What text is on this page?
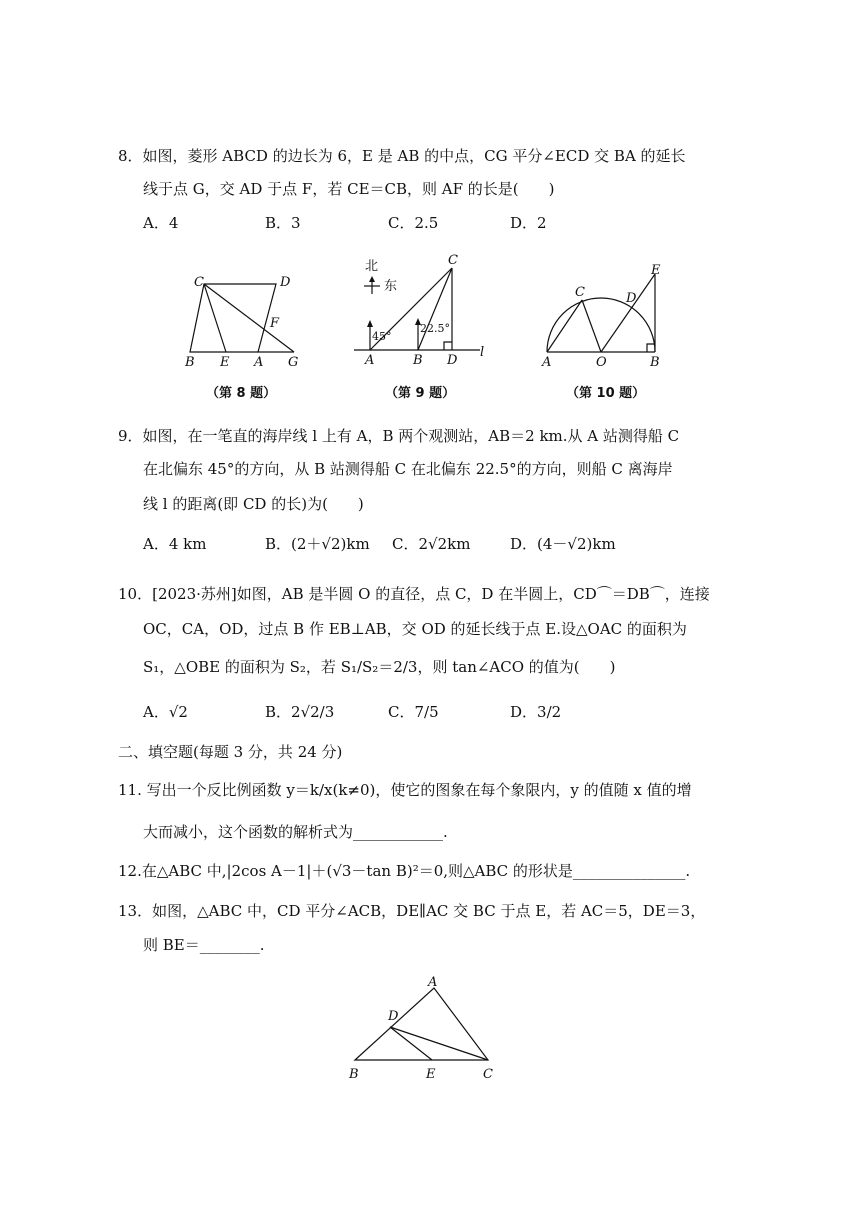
8．如图，菱形 ABCD 的边长为 6，E 是 AB 的中点，CG 平分∠ECD 交 BA 的延长
线于点 G，交 AD 于点 F，若 CE＝CB，则 AF 的长是(　　)
A．4	B．3	C．2.5	D．2
C	D
F
B E A G
（第 8 题）
北
东
C
45°
22.5°
A	B D
l
（第 9 题）
E
C	D
A	O	B
（第 10 题）
9．如图，在一笔直的海岸线 l 上有 A，B 两个观测站，AB＝2 km.从 A 站测得船 C
在北偏东 45°的方向，从 B 站测得船 C 在北偏东 22.5°的方向，则船 C 离海岸
线 l 的距离(即 CD 的长)为(　　)
A．4 km	B．(2＋√2)km C．2√2km	D．(4－√2)km
10．[2023·苏州]如图，AB 是半圆 O 的直径，点 C，D 在半圆上，CD⌒＝DB⌒，连接
OC，CA，OD，过点 B 作 EB⊥AB，交 OD 的延长线于点 E.设△OAC 的面积为
S₁，△OBE 的面积为 S₂，若 S₁/S₂＝2/3，则 tan∠ACO 的值为(　　)
A．√2	B．2√2/3	C．7/5	D．3/2
二、填空题(每题 3 分，共 24 分)
11. 写出一个反比例函数 y＝k/x(k≠0)，使它的图象在每个象限内，y 的值随 x 值的增
大而减小，这个函数的解析式为____________.
12.在△ABC 中,|2cos A－1|＋(√3－tan B)²＝0,则△ABC 的形状是_______________.
13．如图，△ABC 中，CD 平分∠ACB，DE∥AC 交 BC 于点 E，若 AC＝5，DE＝3，
则 BE＝________.
A
D
B	E	C
